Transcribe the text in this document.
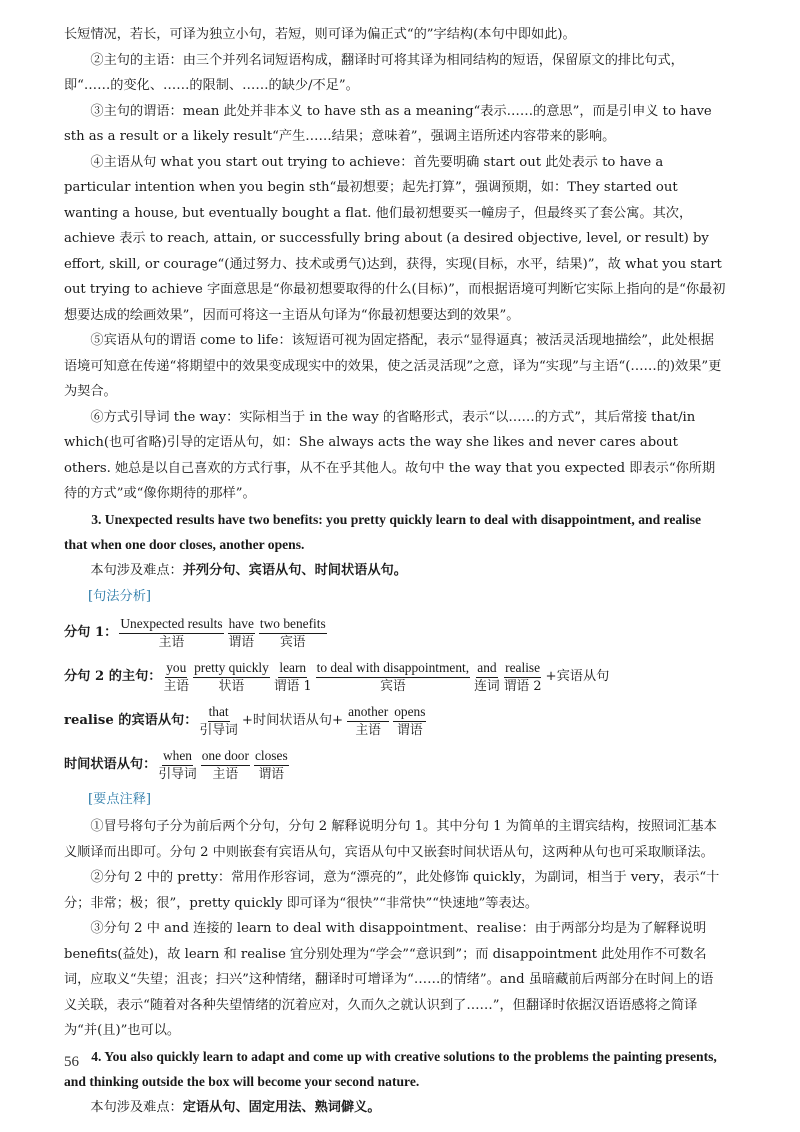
长短情况，若长，可译为独立小句，若短，则可译为偏正式“的”字结构(本句中即如此)。

②主句的主语：由三个并列名词短语构成，翻译时可将其译为相同结构的短语，保留原文的排比句式，即“……的变化、……的限制、……的缺少/不足”。

③主句的谓语：mean 此处并非本义 to have sth as a meaning“表示……的意思”，而是引申义 to have sth as a result or a likely result“产生……结果；意味着”，强调主语所述内容带来的影响。

④主语从句 what you start out trying to achieve：首先要明确 start out 此处表示 to have a particular intention when you begin sth“最初想要；起先打算”，强调预期，如：They started out wanting a house, but eventually bought a flat. 他们最初想要买一幢房子，但最终买了套公寓。其次，achieve 表示 to reach, attain, or successfully bring about (a desired objective, level, or result) by effort, skill, or courage“(通过努力、技术或勇气)达到，获得，实现(目标，水平，结果)”，故 what you start out trying to achieve 字面意思是“你最初想要取得的什么(目标)”，而根据语境可判断它实际上指向的是“你最初想要达成的绘画效果”，因而可将这一主语从句译为“你最初想要达到的效果”。

⑤宾语从句的谓语 come to life：该短语可视为固定搭配，表示“显得逼真；被活灵活现地描绘”，此处根据语境可知意在传递“将期望中的效果变成现实中的效果，使之活灵活现”之意，译为“实现”与主语“(……的)效果”更为契合。

⑥方式引导词 the way：实际相当于 in the way 的省略形式，表示“以……的方式”，其后常接 that/in which(也可省略)引导的定语从句，如：She always acts the way she likes and never cares about others. 她总是以自己喜欢的方式行事，从不在乎其他人。故句中 the way that you expected 即表示“你所期待的方式”或“像你期待的那样”。

3. Unexpected results have two benefits: you pretty quickly learn to deal with disappointment, and realise that when one door closes, another opens.

本句涉及难点：并列分句、宾语从句、时间状语从句。

[句法分析]

分句 1：
Unexpected results
主语
have
谓语
two benefits
宾语
分句 2 的主句：
you
主语
pretty quickly
状语
learn
谓语 1
to deal with disappointment,
宾语
and
连词
realise
谓语 2
+宾语从句
realise 的宾语从句：
that
引导词
+时间状语从句+
another
主语
opens
谓语
时间状语从句：
when
引导词
one door
主语
closes
谓语

[要点注释]

①冒号将句子分为前后两个分句，分句 2 解释说明分句 1。其中分句 1 为简单的主谓宾结构，按照词汇基本义顺译而出即可。分句 2 中则嵌套有宾语从句，宾语从句中又嵌套时间状语从句，这两种从句也可采取顺译法。

②分句 2 中的 pretty：常用作形容词，意为“漂亮的”，此处修饰 quickly，为副词，相当于 very，表示“十分；非常；极；很”，pretty quickly 即可译为“很快”“非常快”“快速地”等表达。

③分句 2 中 and 连接的 learn to deal with disappointment、realise：由于两部分均是为了解释说明 benefits(益处)，故 learn 和 realise 宜分别处理为“学会”“意识到”；而 disappointment 此处用作不可数名词，应取义“失望；沮丧；扫兴”这种情绪，翻译时可增译为“……的情绪”。and 虽暗藏前后两部分在时间上的语义关联，表示“随着对各种失望情绪的沉着应对，久而久之就认识到了……”，但翻译时依据汉语语感将之简译为“并(且)”也可以。

4. You also quickly learn to adapt and come up with creative solutions to the problems the painting presents, and thinking outside the box will become your second nature.

本句涉及难点：定语从句、固定用法、熟词僻义。

56
